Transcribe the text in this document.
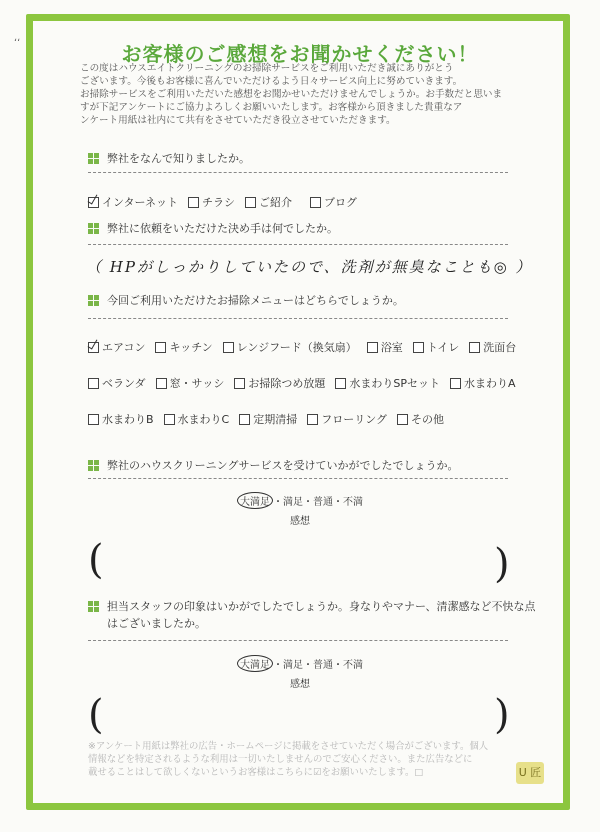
ʻʻ	お客様のご感想をお聞かせください！
この度はハウスエイトクリーニングのお掃除サービスをご利用いただき誠にありがとう
ございます。今後もお客様に喜んでいただけるよう日々サービス向上に努めていきます。
お掃除サービスをご利用いただいた感想をお聞かせいただけませんでしょうか。お手数だと思いま
すが下記アンケートにご協力よろしくお願いいたします。お客様から頂きました貴重なア
ンケート用紙は社内にて共有をさせていただき役立させていただきます。
弊社をなんで知りましたか。
インターネット チラシ ご紹介	ブログ
弊社に依頼をいただけた決め手は何でしたか。
（ HPがしっかりしていたので、洗剤が無臭なことも◎ ）
今回ご利用いただけたお掃除メニューはどちらでしょうか。
エアコン キッチン レンジフード（換気扇） 浴室 トイレ 洗面台
ベランダ 窓・サッシ お掃除つめ放題 水まわりSPセット 水まわりA
水まわりB 水まわりC 定期清掃 フローリング その他
弊社のハウスクリーニングサービスを受けていかがでしたでしょうか。
大満足 ・満足・普通・不満
感想
(	)
担当スタッフの印象はいかがでしたでしょうか。身なりやマナー、清潔感など不快な点
はございましたか。
大満足 ・満足・普通・不満
感想
(	)
※アンケート用紙は弊社の広告・ホームページに掲載をさせていただく場合がございます。個人
情報などを特定されるような利用は一切いたしませんのでご安心ください。また広告などに
載せることはして欲しくないというお客様はこちらに☑をお願いいたします。□	U 匠
